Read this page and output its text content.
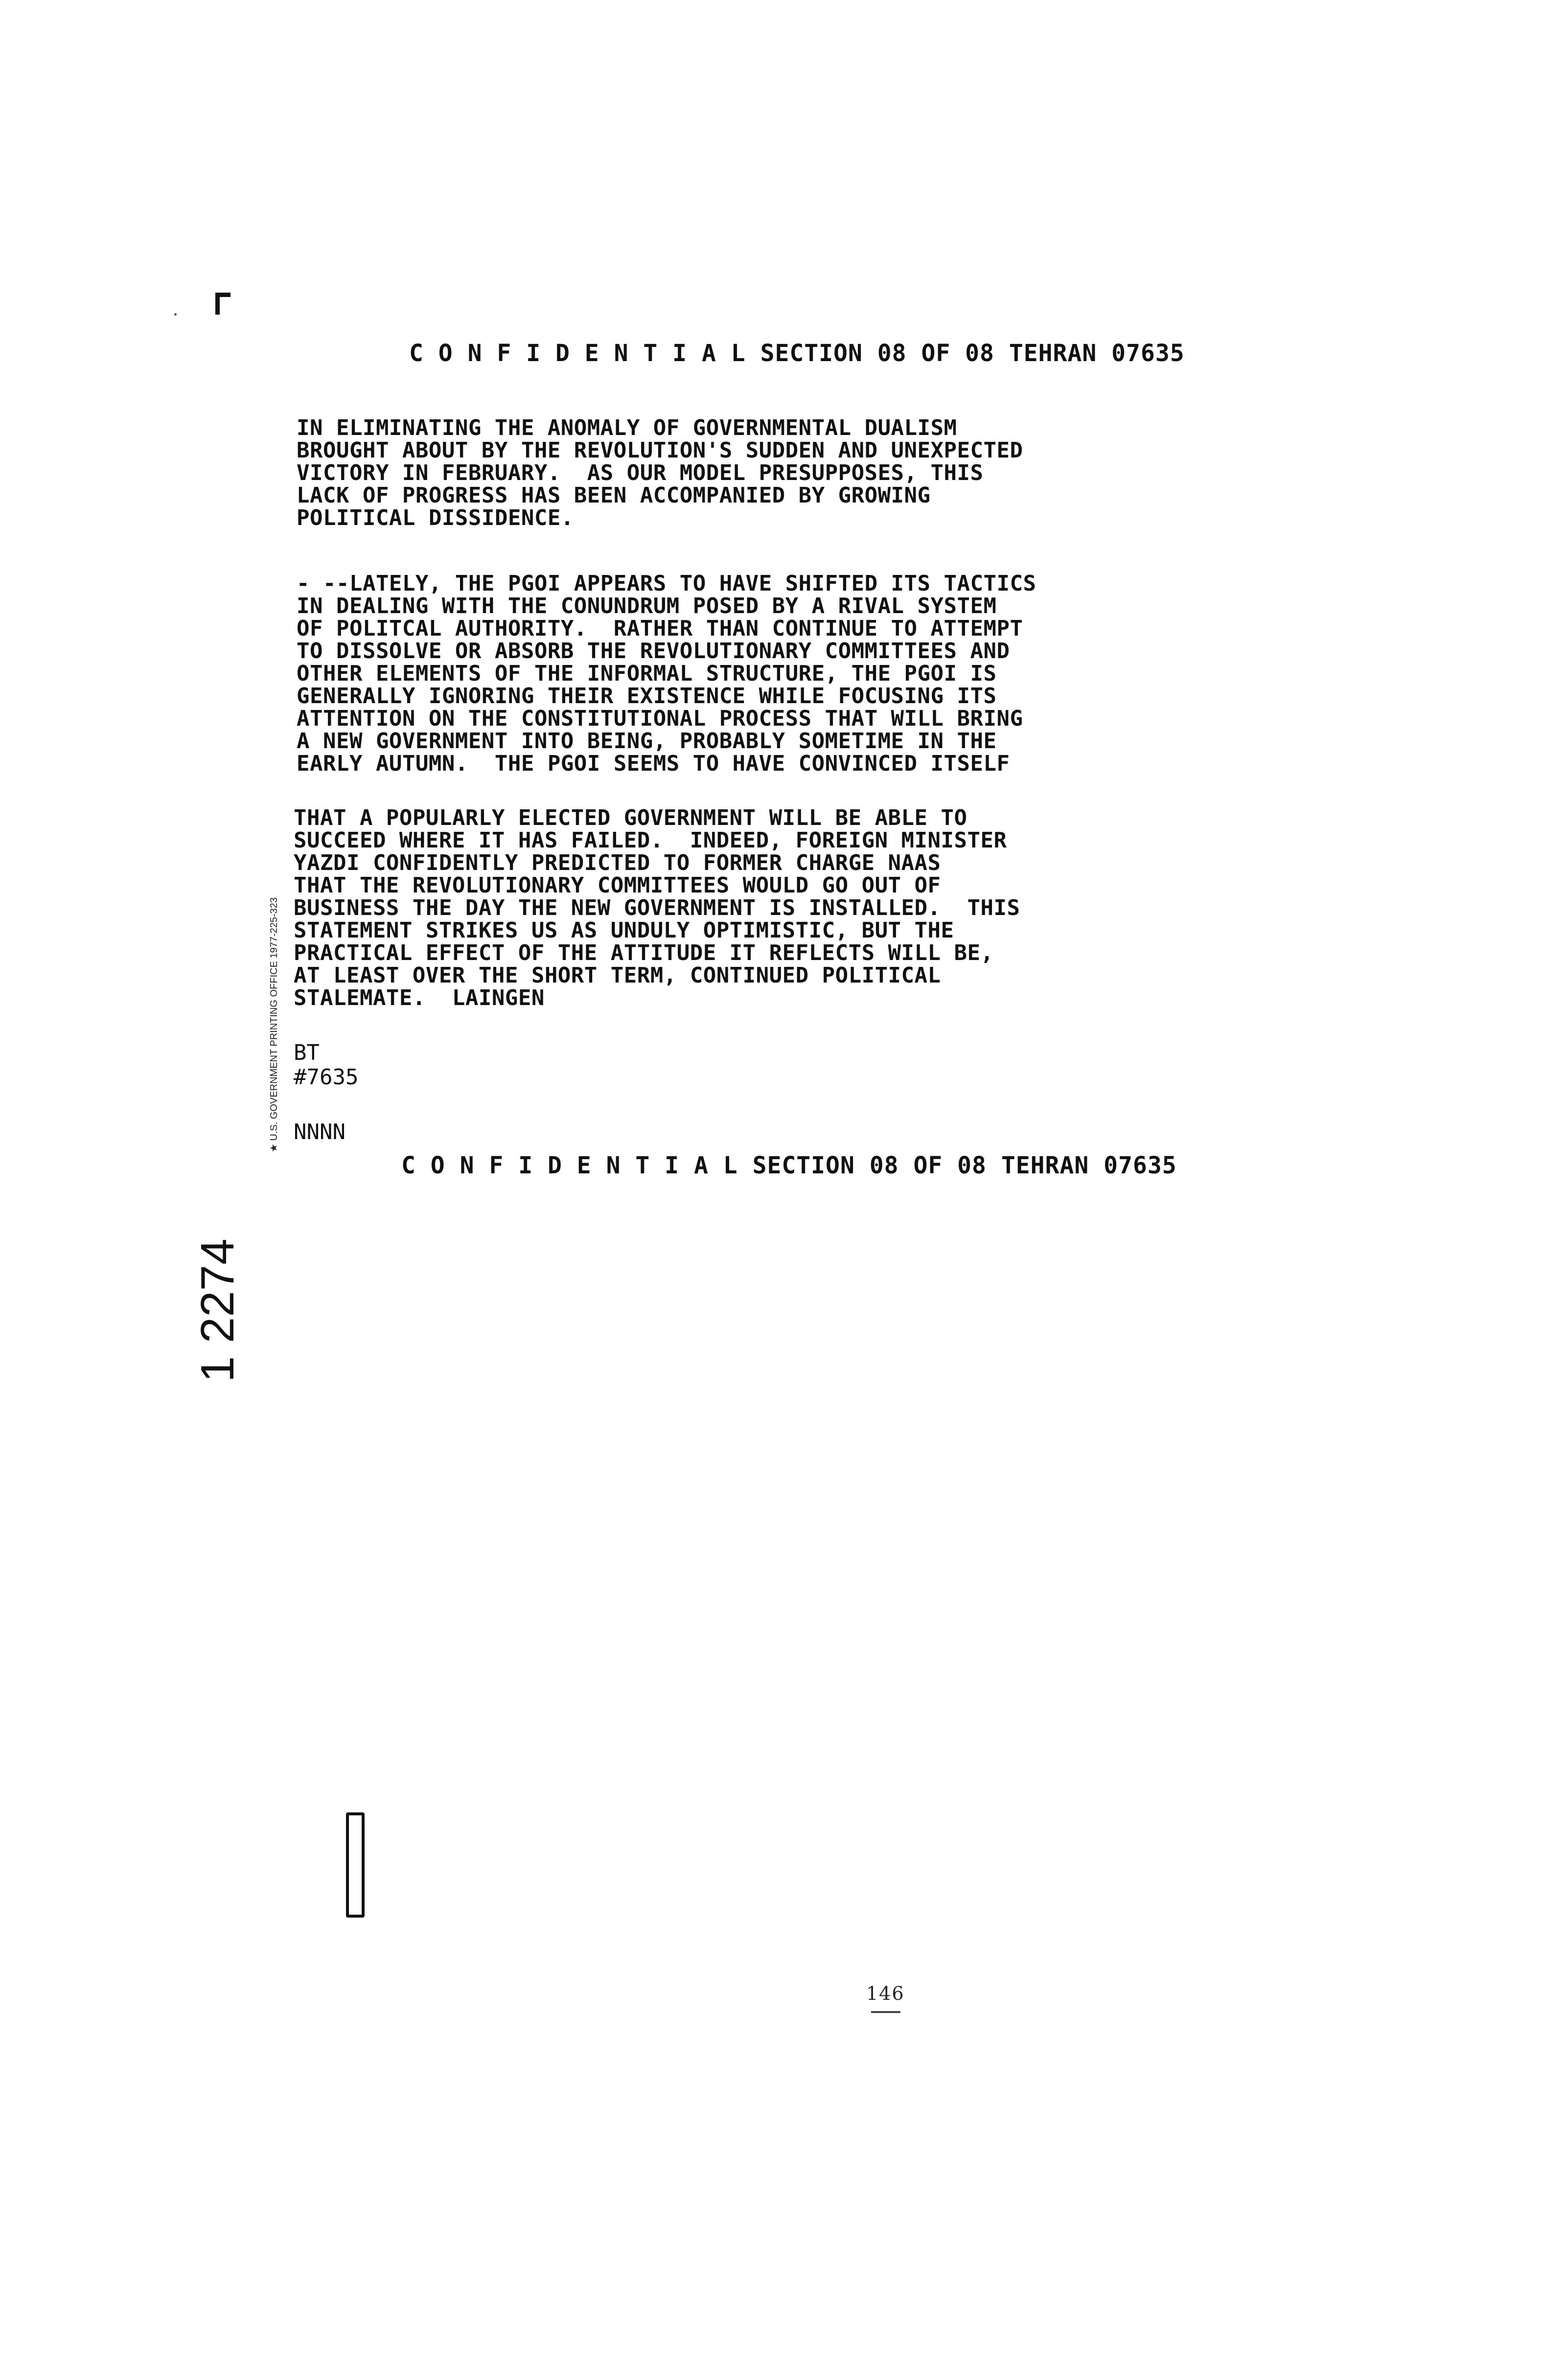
C O N F I D E N T I A L SECTION 08 OF 08 TEHRAN 07635
IN ELIMINATING THE ANOMALY OF GOVERNMENTAL DUALISM
BROUGHT ABOUT BY THE REVOLUTION'S SUDDEN AND UNEXPECTED
VICTORY IN FEBRUARY.  AS OUR MODEL PRESUPPOSES, THIS
LACK OF PROGRESS HAS BEEN ACCOMPANIED BY GROWING
POLITICAL DISSIDENCE.
- --LATELY, THE PGOI APPEARS TO HAVE SHIFTED ITS TACTICS
IN DEALING WITH THE CONUNDRUM POSED BY A RIVAL SYSTEM
OF POLITCAL AUTHORITY.  RATHER THAN CONTINUE TO ATTEMPT
TO DISSOLVE OR ABSORB THE REVOLUTIONARY COMMITTEES AND
OTHER ELEMENTS OF THE INFORMAL STRUCTURE, THE PGOI IS
GENERALLY IGNORING THEIR EXISTENCE WHILE FOCUSING ITS
ATTENTION ON THE CONSTITUTIONAL PROCESS THAT WILL BRING
A NEW GOVERNMENT INTO BEING, PROBABLY SOMETIME IN THE
EARLY AUTUMN.  THE PGOI SEEMS TO HAVE CONVINCED ITSELF
THAT A POPULARLY ELECTED GOVERNMENT WILL BE ABLE TO
SUCCEED WHERE IT HAS FAILED.  INDEED, FOREIGN MINISTER
YAZDI CONFIDENTLY PREDICTED TO FORMER CHARGE NAAS
THAT THE REVOLUTIONARY COMMITTEES WOULD GO OUT OF
BUSINESS THE DAY THE NEW GOVERNMENT IS INSTALLED.  THIS
STATEMENT STRIKES US AS UNDULY OPTIMISTIC, BUT THE
PRACTICAL EFFECT OF THE ATTITUDE IT REFLECTS WILL BE,
AT LEAST OVER THE SHORT TERM, CONTINUED POLITICAL
STALEMATE.  LAINGEN
BT
#7635
NNNN
★ U.S. GOVERNMENT PRINTING OFFICE 1977-225-323
C O N F I D E N T I A L SECTION 08 OF 08 TEHRAN 07635
1 2274
146
